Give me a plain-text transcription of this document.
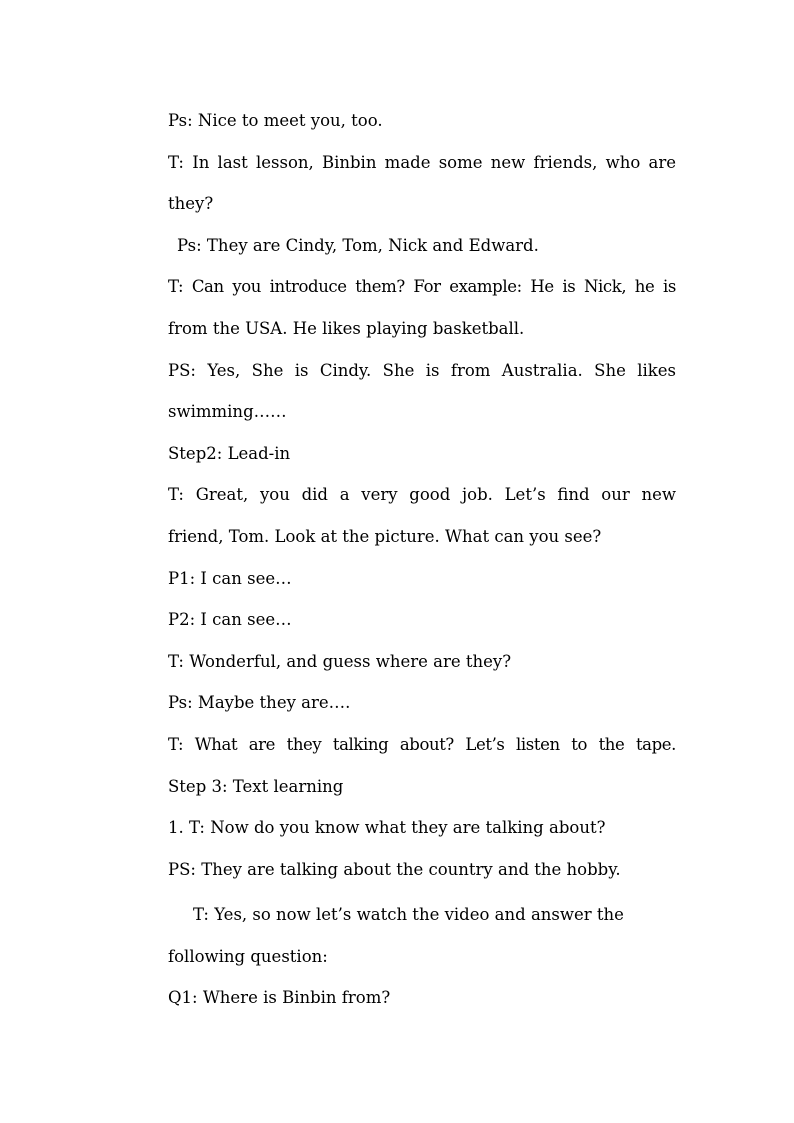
Ps: Nice to meet you, too.
T: In last lesson, Binbin made some new friends, who are
they?
Ps: They are Cindy, Tom, Nick and Edward.
T: Can you introduce them? For example: He is Nick, he is
from the USA. He likes playing basketball.
PS: Yes, She is Cindy. She is from Australia. She likes
swimming……
Step2: Lead-in
T: Great, you did a very good job. Let’s find our new
friend, Tom. Look at the picture. What can you see?
P1: I can see…
P2: I can see…
T: Wonderful, and guess where are they?
Ps: Maybe they are….
T: What are they talking about? Let’s listen to the tape.
Step 3: Text learning
1. T: Now do you know what they are talking about?
PS: They are talking about the country and the hobby.
T: Yes, so now let’s watch the video and answer the
following question:
Q1: Where is Binbin from?
